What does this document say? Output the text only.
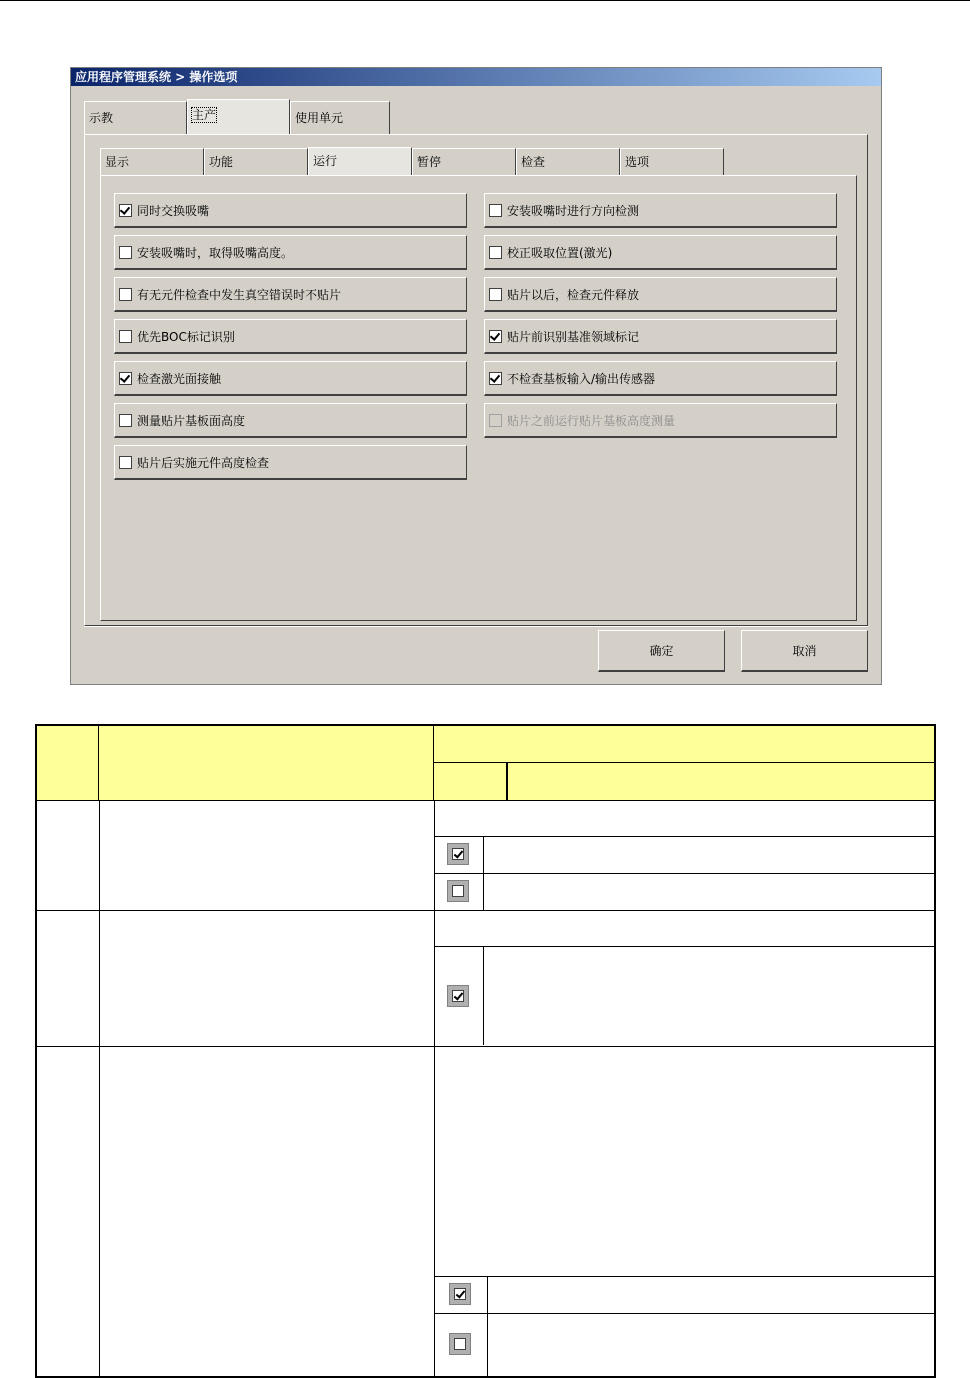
应用程序管理系统 > 操作选项
示教	主产	使用单元
显示	功能	运行	暂停	检查	选项
同时交换吸嘴
安装吸嘴时，取得吸嘴高度。
有无元件检查中发生真空错误时不贴片
优先BOC标记识别
检查激光面接触
测量贴片基板面高度
贴片后实施元件高度检查
安装吸嘴时进行方向检测
校正吸取位置(激光)
贴片以后，检查元件释放
贴片前识别基准领域标记
不检查基板输入/输出传感器
贴片之前运行贴片基板高度测量
确定	取消
